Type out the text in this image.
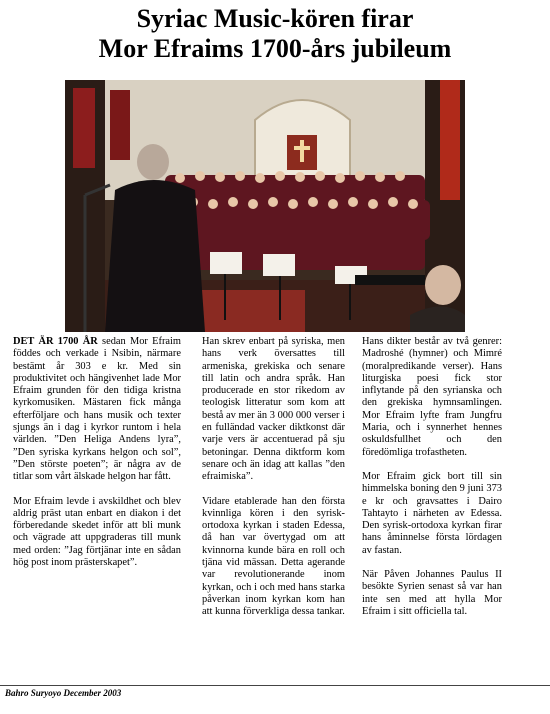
Syriac Music-kören firar
Mor Efraims 1700-års jubileum

DET ÄR 1700 ÅR sedan Mor Efraim föddes och verkade i Nsibin, närmare bestämt år 303 e kr. Med sin produktivitet och hängivenhet lade Mor Efraim grunden för den tidiga kristna kyrkomusiken. Mästaren fick många efterföljare och hans musik och texter sjungs än i dag i kyrkor runtom i hela världen. ”Den Heliga Andens lyra”, ”Den syriska kyrkans helgon och sol”, ”Den störste poeten”; är några av de titlar som vårt älskade helgon har fått.

Mor Efraim levde i avskildhet och blev aldrig präst utan enbart en diakon i det förberedande skedet inför att bli munk och vägrade att uppgraderas till munk med orden: ”Jag förtjänar inte en sådan hög post inom prästerskapet”.

Han skrev enbart på syriska, men hans verk översattes till armeniska, grekiska och senare till latin och andra språk. Han producerade en stor rikedom av teologisk litteratur som kom att bestå av mer än 3 000 000 verser i en fulländad vacker diktkonst där varje vers är accentuerad på sju betoningar. Denna diktform kom senare och än idag att kallas ”den efraimiska”.

Vidare etablerade han den första kvinnliga kören i den syrisk-ortodoxa kyrkan i staden Edessa, då han var övertygad om att kvinnorna kunde bära en roll och tjäna vid mässan. Detta agerande var revolutionerande inom kyrkan, och i och med hans starka påverkan inom kyrkan kom han att kunna förverkliga dessa tankar.

Hans dikter består av två genrer: Madroshé (hymner) och Mimré (moralpredikande verser). Hans liturgiska poesi fick stor inflytande på den syrianska och den grekiska hymnsamlingen. Mor Efraim lyfte fram Jungfru Maria, och i synnerhet hennes oskuldsfullhet och den föredömliga trofastheten.

Mor Efraim gick bort till sin himmelska boning den 9 juni 373 e kr och gravsattes i Dairo Tahtayto i närheten av Edessa. Den syrisk-ortodoxa kyrkan firar hans åminnelse första lördagen av fastan.

När Påven Johannes Paulus II besökte Syrien senast så var han inte sen med att hylla Mor Efraim i sitt officiella tal.

Bahro Suryoyo December 2003
